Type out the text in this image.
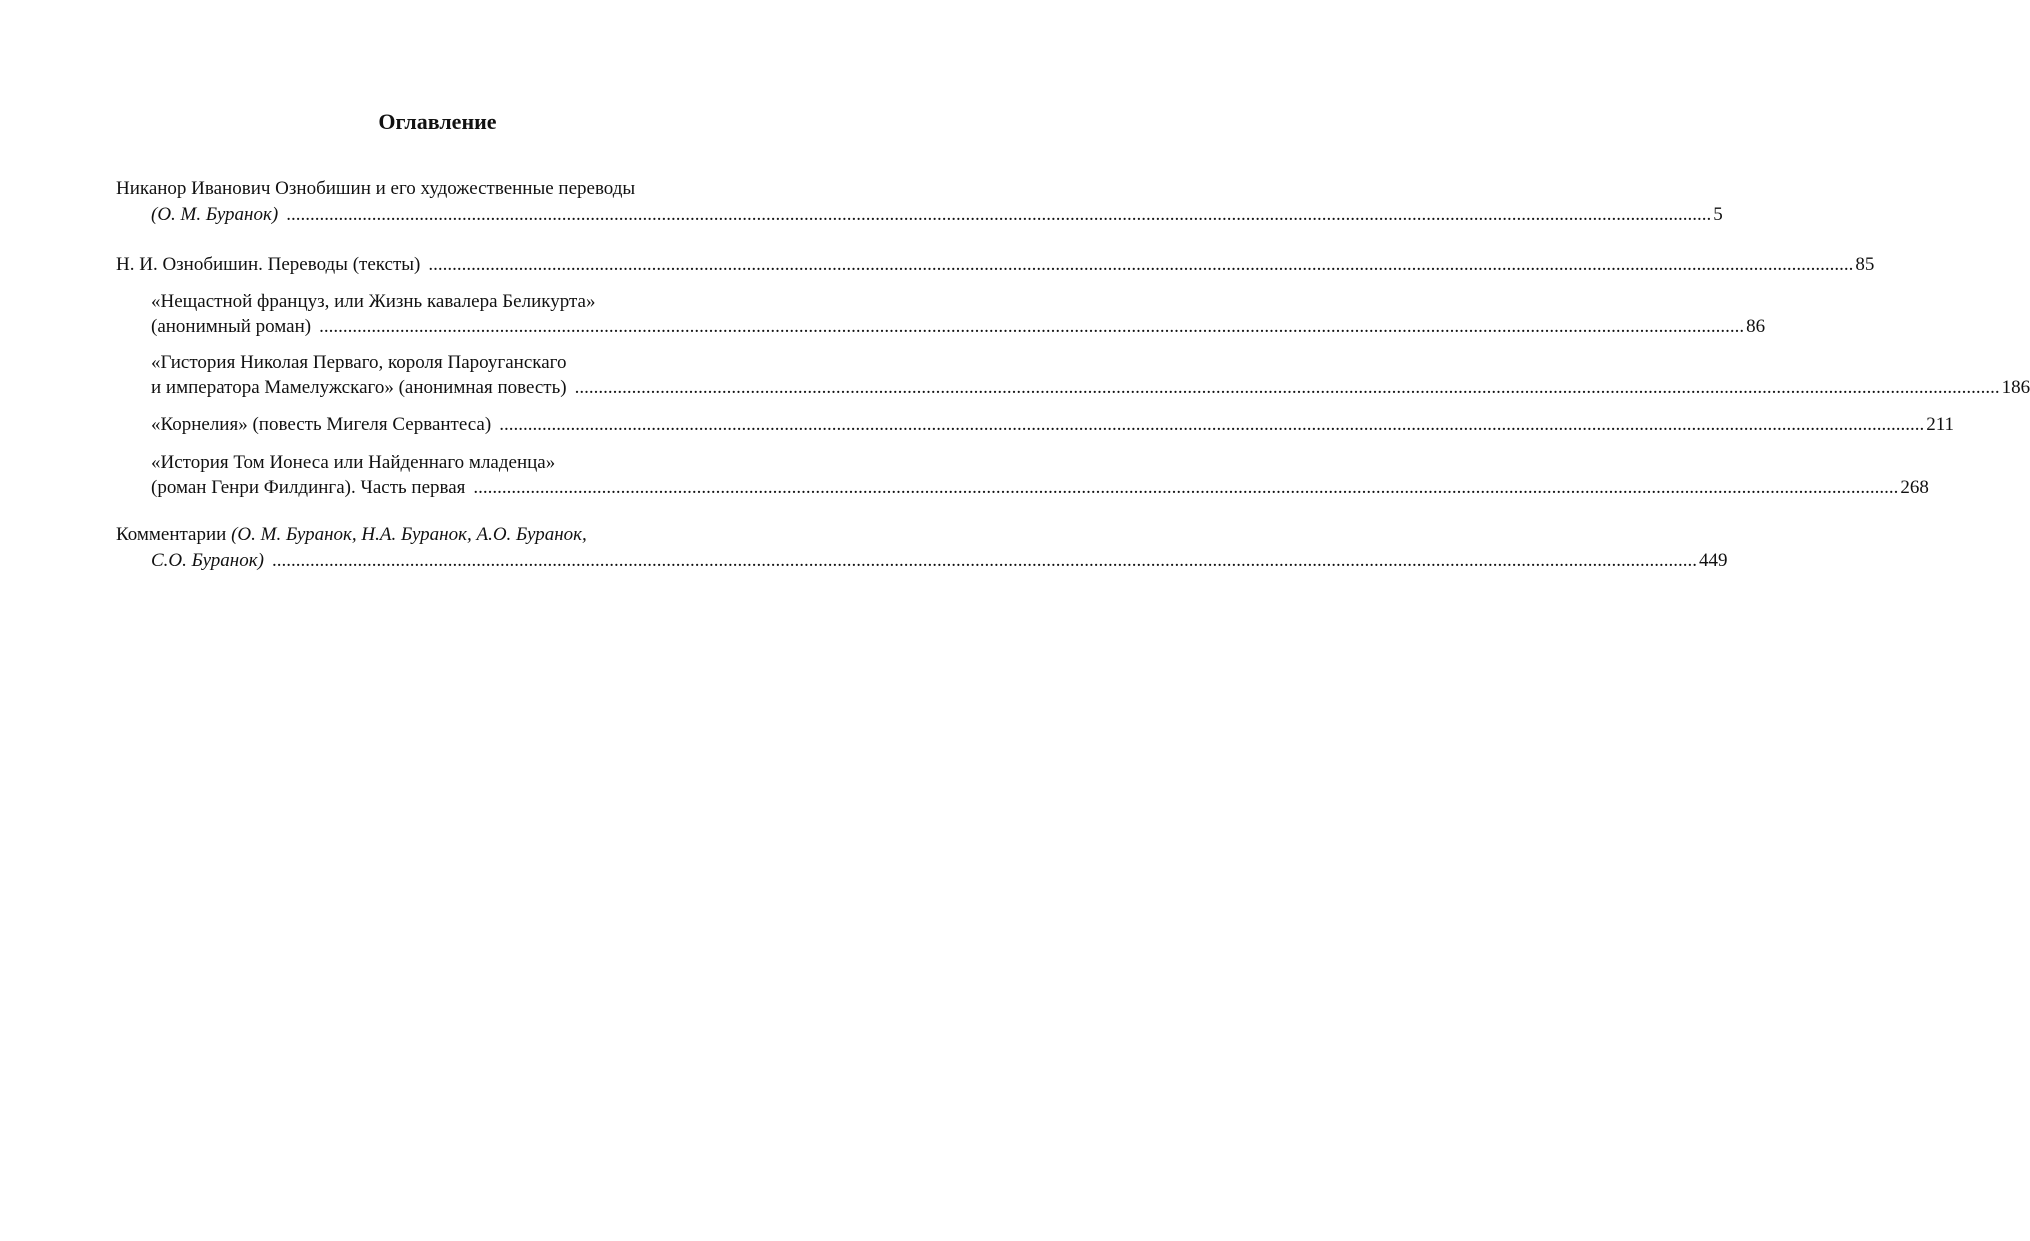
Оглавление
Никанор Иванович Ознобишин и его художественные переводы
(О. М. Буранок) ............................................................................................................................................................................................................................................................................................................ 5
Н. И. Ознобишин. Переводы (тексты) ............................................................................................................................................................................................................................................................................................................ 85
«Нещастной француз, или Жизнь кавалера Беликурта»
(анонимный роман) ............................................................................................................................................................................................................................................................................................................ 86
«Гистория Николая Перваго, короля Пароуганскаго
и императора Мамелужскаго» (анонимная повесть) ............................................................................................................................................................................................................................................................................................................ 186
«Корнелия» (повесть Мигеля Сервантеса) ............................................................................................................................................................................................................................................................................................................ 211
«История Том Ионеса или Найденнаго младенца»
(роман Генри Филдинга). Часть первая ............................................................................................................................................................................................................................................................................................................ 268
Комментарии (О. М. Буранок, Н.А. Буранок, А.О. Буранок,
С.О. Буранок) ............................................................................................................................................................................................................................................................................................................ 449
